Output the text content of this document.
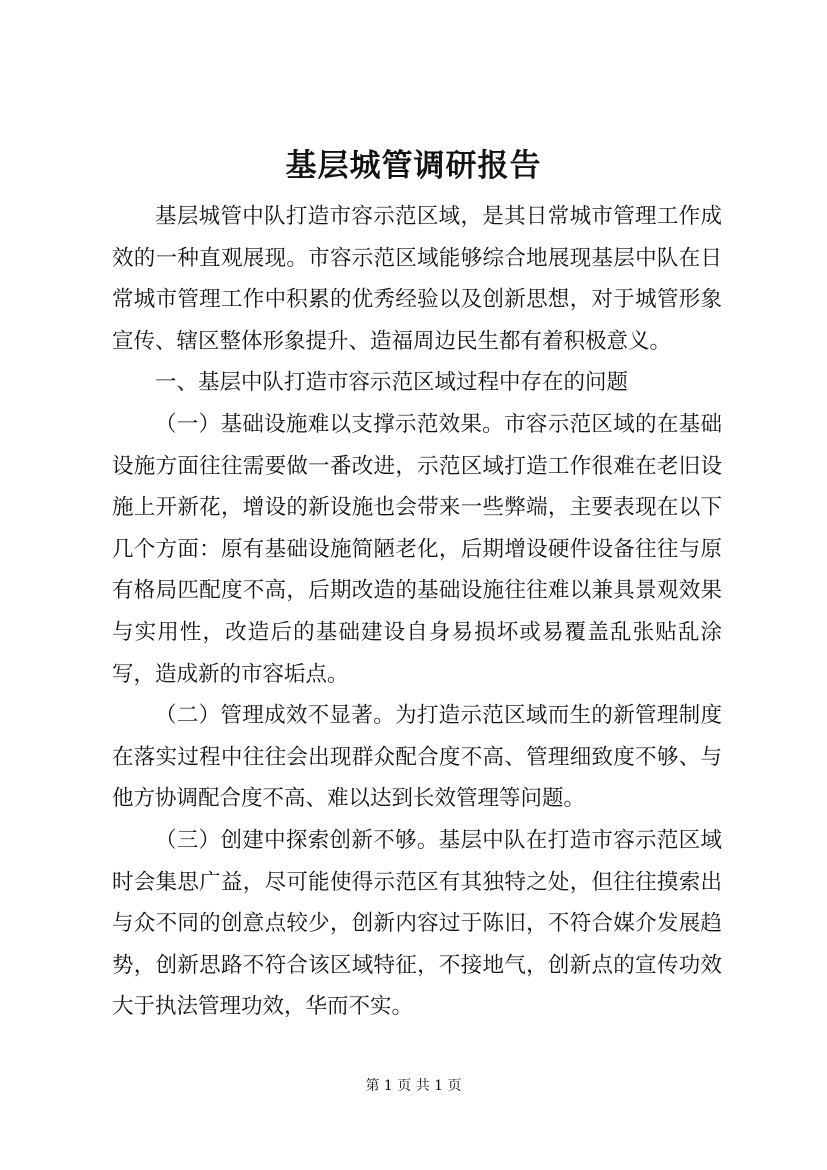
基层城管调研报告

基层城管中队打造市容示范区域，是其日常城市管理工作成效的一种直观展现。市容示范区域能够综合地展现基层中队在日常城市管理工作中积累的优秀经验以及创新思想，对于城管形象宣传、辖区整体形象提升、造福周边民生都有着积极意义。

一、基层中队打造市容示范区域过程中存在的问题

（一）基础设施难以支撑示范效果。市容示范区域的在基础设施方面往往需要做一番改进，示范区域打造工作很难在老旧设施上开新花，增设的新设施也会带来一些弊端，主要表现在以下几个方面：原有基础设施简陋老化，后期增设硬件设备往往与原有格局匹配度不高，后期改造的基础设施往往难以兼具景观效果与实用性，改造后的基础建设自身易损坏或易覆盖乱张贴乱涂写，造成新的市容垢点。

（二）管理成效不显著。为打造示范区域而生的新管理制度在落实过程中往往会出现群众配合度不高、管理细致度不够、与他方协调配合度不高、难以达到长效管理等问题。

（三）创建中探索创新不够。基层中队在打造市容示范区域时会集思广益，尽可能使得示范区有其独特之处，但往往摸索出与众不同的创意点较少，创新内容过于陈旧，不符合媒介发展趋势，创新思路不符合该区域特征，不接地气，创新点的宣传功效大于执法管理功效，华而不实。

第 1 页 共 1 页
